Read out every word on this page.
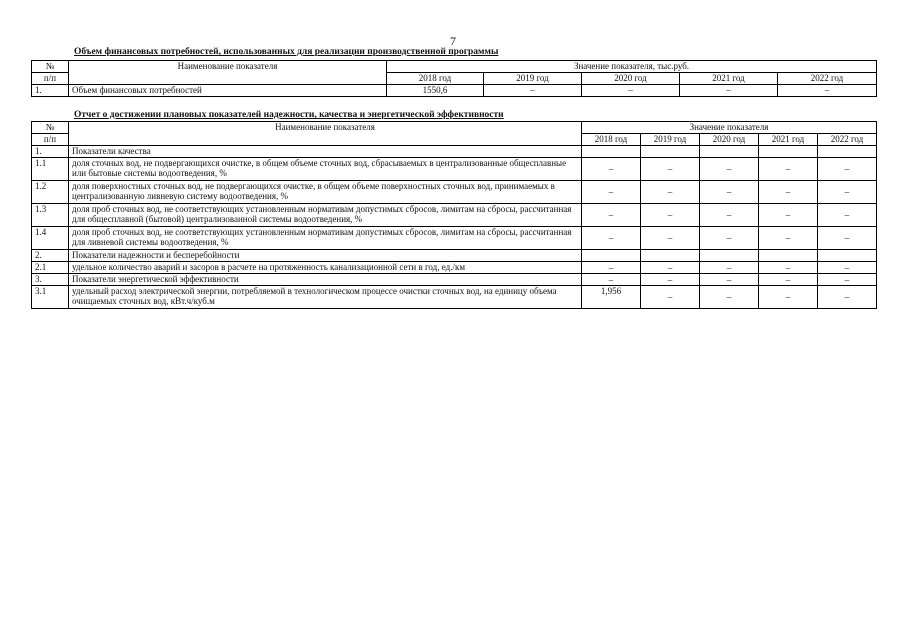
7
Объем финансовых потребностей, использованных для реализации производственной программы
№	Наименование показателя	Значение показателя, тыс.руб.				
п/п		2018 год	2019 год	2020 год	2021 год	2022 год
1.	Объем финансовых потребностей	1550,6	–	–	–	–
Отчет о достижении плановых показателей надежности, качества и энергетической эффективности
№	Наименование показателя	Значение показателя				
п/п		2018 год	2019 год	2020 год	2021 год	2022 год
1.	Показатели качества					
1.1	доля сточных вод, не подвергающихся очистке, в общем объеме сточных вод, сбрасываемых в централизованные общесплавные или бытовые системы водоотведения, %	–	–	–	–	–
1.2	доля поверхностных сточных вод, не подвергающихся очистке, в общем объеме поверхностных сточных вод, принимаемых в централизованную ливневую систему водоотведения, %	–	–	–	–	–
1.3	доля проб сточных вод, не соответствующих установленным нормативам допустимых сбросов, лимитам на сбросы, рассчитанная для общесплавной (бытовой) централизованной системы водоотведения, %	–	–	–	–	–
1.4	доля проб сточных вод, не соответствующих установленным нормативам допустимых сбросов, лимитам на сбросы, рассчитанная для ливневой системы водоотведения, %	–	–	–	–	–
2.	Показатели надежности и бесперебойности					
2.1	удельное количество аварий и засоров в расчете на протяженность канализационной сети в год, ед./км	–	–	–	–	–
3.	Показатели энергетической эффективности	–	–	–	–	–
3.1	удельный расход электрической энергии, потребляемой в технологическом процессе очистки сточных вод, на единицу объема очищаемых сточных вод, кВт.ч/куб.м	1,956	–	–	–	–
